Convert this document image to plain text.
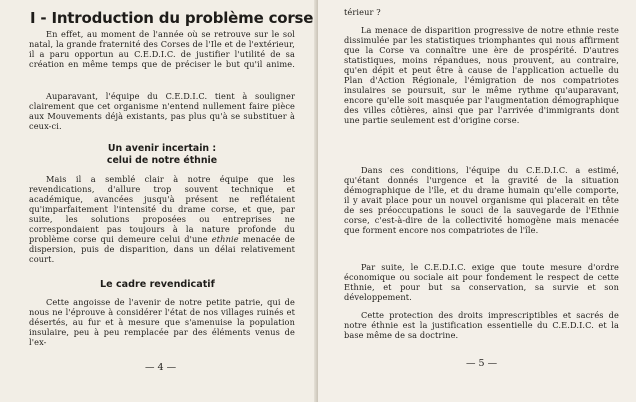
I - Introduction du problème corse

En effet, au moment de l'année où se retrouve sur le sol natal, la grande fraternité des Corses de l'Ile et de l'extérieur, il a paru opportun au C.E.D.I.C. de justifier l'utilité de sa création en même temps que de préciser le but qu'il anime.

Auparavant, l'équipe du C.E.D.I.C. tient à souligner clairement que cet organisme n'entend nullement faire pièce aux Mouvements déjà existants, pas plus qu'à se substituer à ceux-ci.

Un avenir incertain :
celui de notre éthnie

Mais il a semblé clair à notre équipe que les revendications, d'allure trop souvent technique et académique, avancées jusqu'à présent ne reflétaient qu'imparfaitement l'intensité du drame corse, et que, par suite, les solutions proposées ou entreprises ne correspondaient pas toujours à la nature profonde du problème corse qui demeure celui d'une ethnie menacée de dispersion, puis de disparition, dans un délai relativement court.

Le cadre revendicatif

Cette angoisse de l'avenir de notre petite patrie, qui de nous ne l'éprouve à considérer l'état de nos villages ruinés et désertés, au fur et à mesure que s'amenuise la population insulaire, peu à peu remplacée par des éléments venus de l'ex-

— 4 —

térieur ?

La menace de disparition progressive de notre ethnie reste dissimulée par les statistiques triomphantes qui nous affirment que la Corse va connaître une ère de prospérité. D'autres statistiques, moins répandues, nous prouvent, au contraire, qu'en dépit et peut être à cause de l'application actuelle du Plan d'Action Régionale, l'émigration de nos compatriotes insulaires se poursuit, sur le même rythme qu'auparavant, encore qu'elle soit masquée par l'augmentation démographique des villes côtières, ainsi que par l'arrivée d'immigrants dont une partie seulement est d'origine corse.

Dans ces conditions, l'équipe du C.E.D.I.C. a estimé, qu'étant donnés l'urgence et la gravité de la situation démographique de l'île, et du drame humain qu'elle comporte, il y avait place pour un nouvel organisme qui placerait en tête de ses préoccupations le souci de la sauvegarde de l'Ethnie corse, c'est-à-dire de la collectivité homogène mais menacée que forment encore nos compatriotes de l'île.

Par suite, le C.E.D.I.C. exige que toute mesure d'ordre économique ou sociale ait pour fondement le respect de cette Ethnie, et pour but sa conservation, sa survie et son développement.

Cette protection des droits imprescriptibles et sacrés de notre éthnie est la justification essentielle du C.E.D.I.C. et la base même de sa doctrine.

— 5 —
